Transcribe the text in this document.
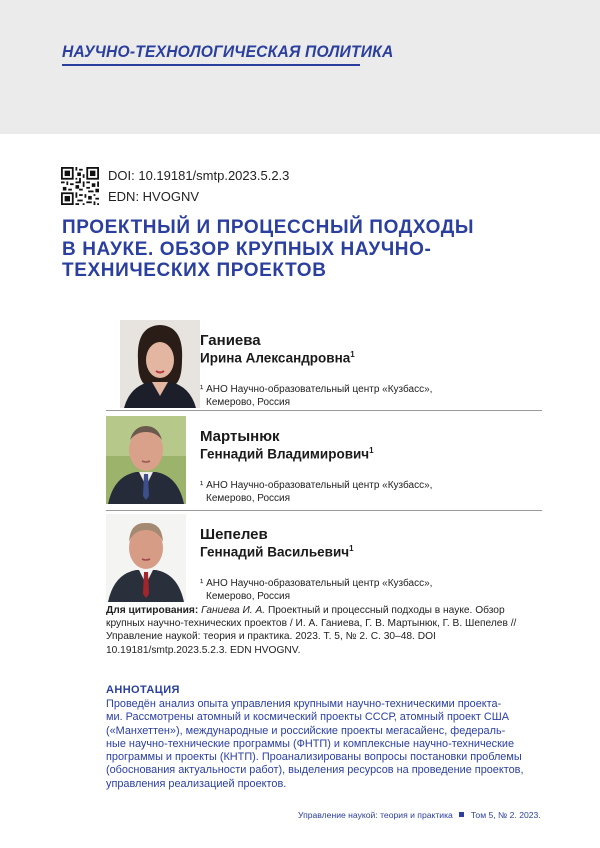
НАУЧНО-ТЕХНОЛОГИЧЕСКАЯ ПОЛИТИКА
DOI: 10.19181/smtp.2023.5.2.3
EDN: HVOGNV
ПРОЕКТНЫЙ И ПРОЦЕССНЫЙ ПОДХОДЫ
В НАУКЕ. ОБЗОР КРУПНЫХ НАУЧНО-
ТЕХНИЧЕСКИХ ПРОЕКТОВ
Ганиева
Ирина Александровна$^1$
¹ АНО Научно-образовательный центр «Кузбасс»,
Кемерово, Россия
Мартынюк
Геннадий Владимирович$^1$
¹ АНО Научно-образовательный центр «Кузбасс»,
Кемерово, Россия
Шепелев
Геннадий Васильевич$^1$
¹ АНО Научно-образовательный центр «Кузбасс»,
Кемерово, Россия
Для цитирования: Ганиева И. А. Проектный и процессный подходы в науке. Обзор крупных научно-технических проектов / И. А. Ганиева, Г. В. Мартынюк, Г. В. Шепелев // Управление наукой: теория и практика. 2023. Т. 5, № 2. С. 30–48. DOI 10.19181/smtp.2023.5.2.3. EDN HVOGNV.
АННОТАЦИЯ
Проведён анализ опыта управления крупными научно-техническими проекта-
ми. Рассмотрены атомный и космический проекты СССР, атомный проект США
(«Манхеттен»), международные и российские проекты мегасайенс, федераль-
ные научно-технические программы (ФНТП) и комплексные научно-технические
программы и проекты (КНТП). Проанализированы вопросы постановки проблемы
(обоснования актуальности работ), выделения ресурсов на проведение проектов,
управления реализацией проектов.
Управление наукой: теория и практика Том 5, № 2. 2023.
